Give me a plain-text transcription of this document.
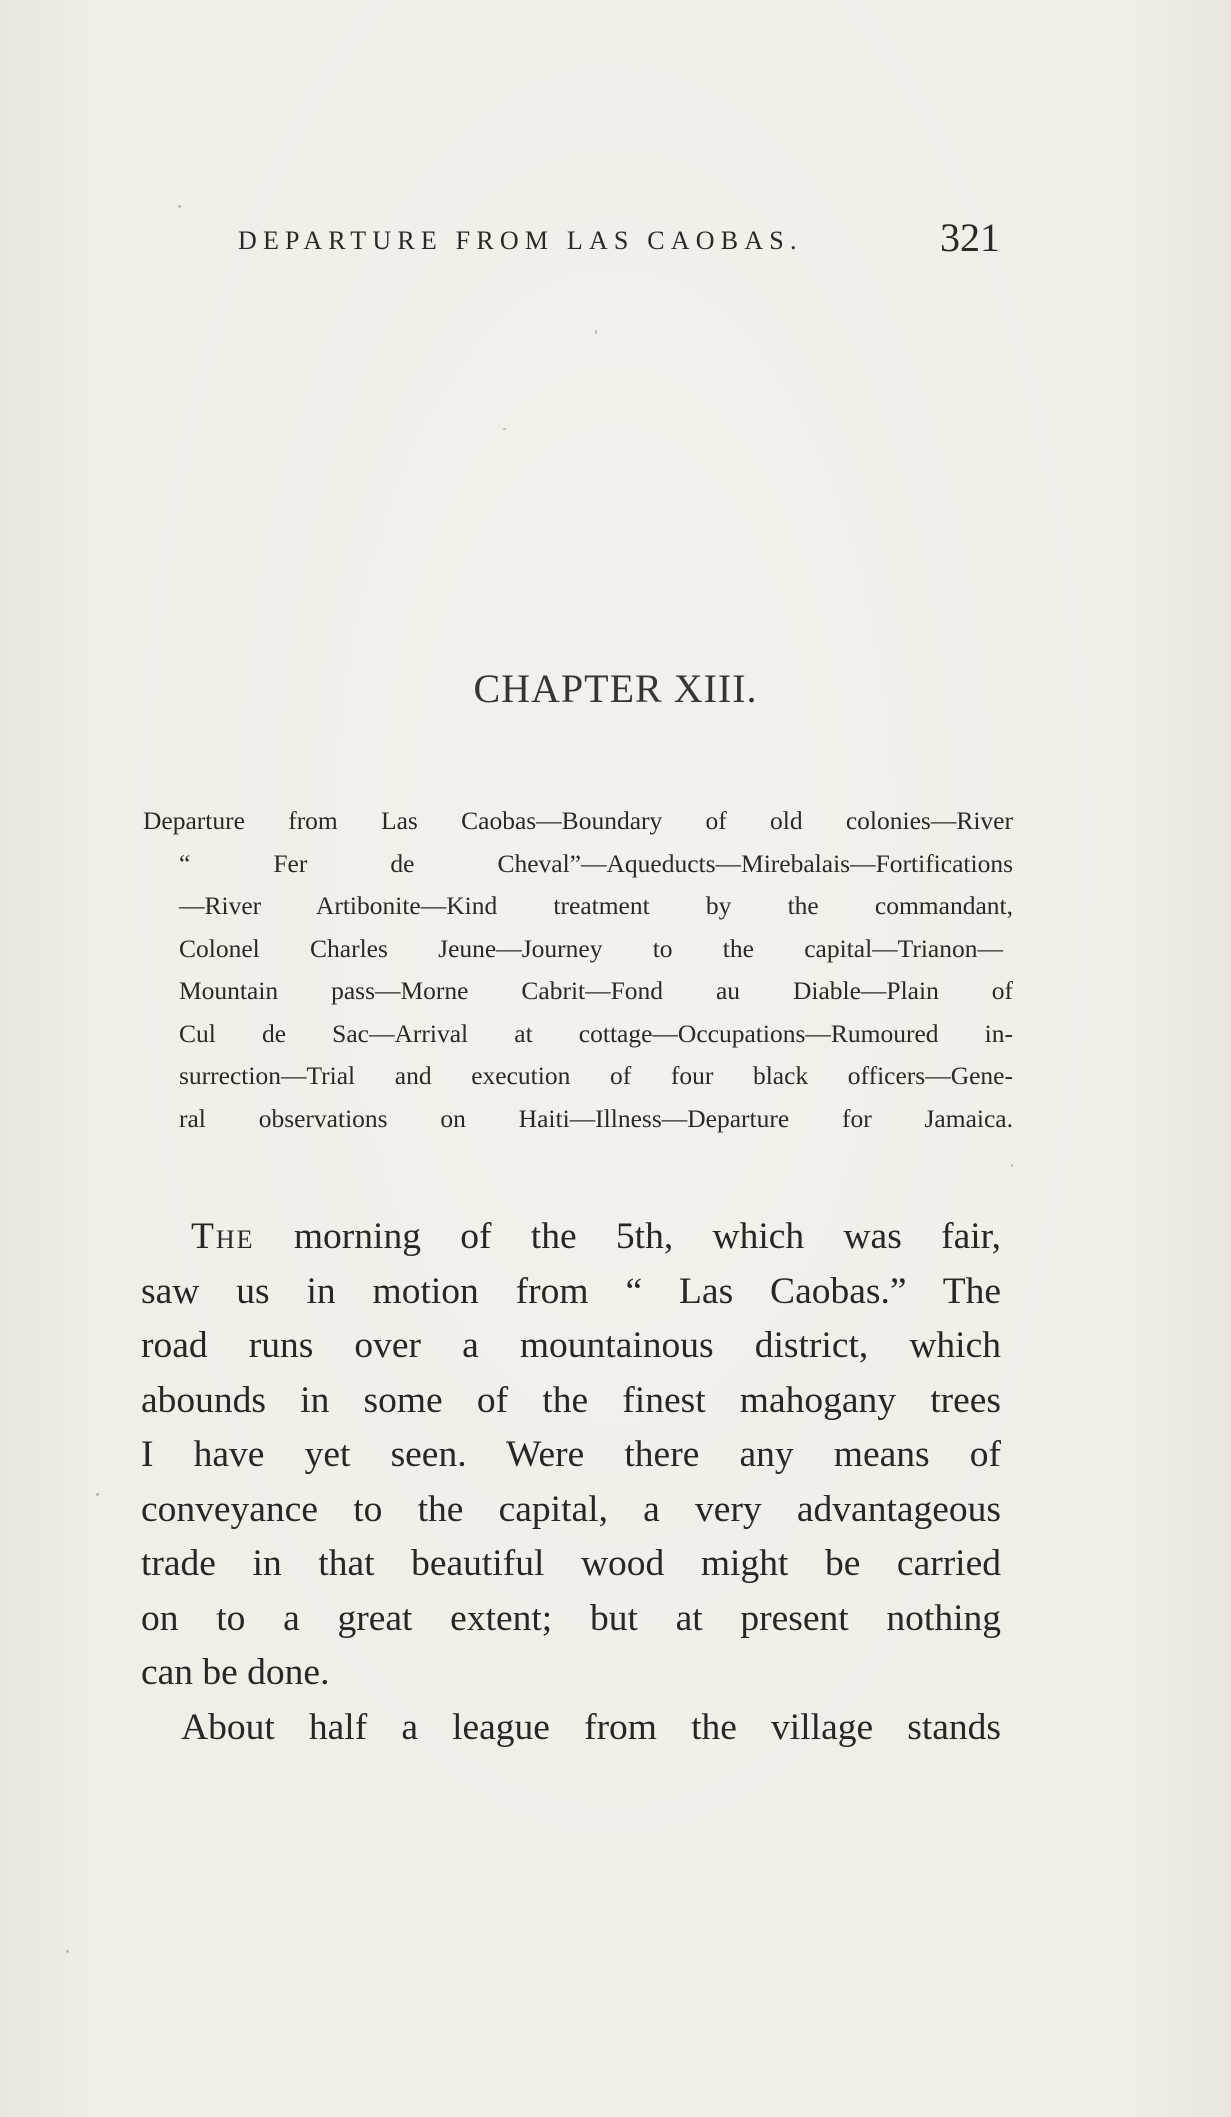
DEPARTURE FROM LAS CAOBAS.	321
CHAPTER XIII.
Departure from Las Caobas—Boundary of old colonies—River
“ Fer de Cheval”—Aqueducts—Mirebalais—Fortifications
—River Artibonite—Kind treatment by the commandant,
Colonel Charles Jeune—Journey to the capital—Trianon—
Mountain pass—Morne Cabrit—Fond au Diable—Plain of
Cul de Sac—Arrival at cottage—Occupations—Rumoured in-
surrection—Trial and execution of four black officers—Gene-
ral observations on Haiti—Illness—Departure for Jamaica.
The morning of the 5th, which was fair,
saw us in motion from “ Las Caobas.” The
road runs over a mountainous district, which
abounds in some of the finest mahogany trees
I have yet seen. Were there any means of
conveyance to the capital, a very advantageous
trade in that beautiful wood might be carried
on to a great extent; but at present nothing
can be done.
About half a league from the village stands
